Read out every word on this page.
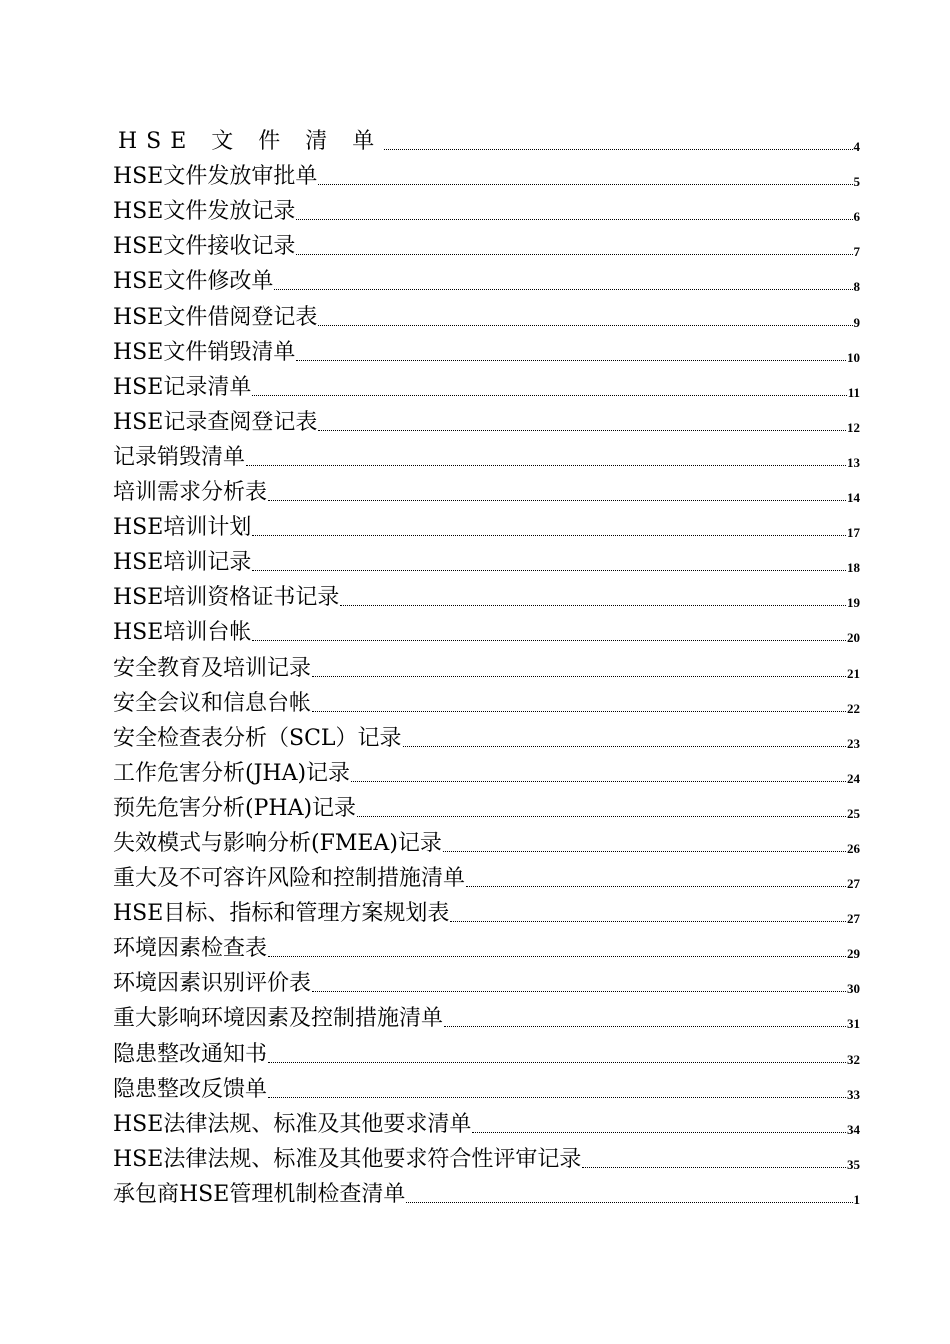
HSE 文 件 清 单	4
HSE文件发放审批单	5
HSE文件发放记录	6
HSE文件接收记录	7
HSE文件修改单	8
HSE文件借阅登记表	9
HSE文件销毁清单	10
HSE记录清单	11
HSE记录查阅登记表	12
记录销毁清单	13
培训需求分析表	14
HSE培训计划	17
HSE培训记录	18
HSE培训资格证书记录	19
HSE培训台帐	20
安全教育及培训记录	21
安全会议和信息台帐	22
安全检查表分析（SCL）记录	23
工作危害分析(JHA)记录	24
预先危害分析(PHA)记录	25
失效模式与影响分析(FMEA)记录	26
重大及不可容许风险和控制措施清单	27
HSE目标、指标和管理方案规划表	27
环境因素检查表	29
环境因素识别评价表	30
重大影响环境因素及控制措施清单	31
隐患整改通知书	32
隐患整改反馈单	33
HSE法律法规、标准及其他要求清单	34
HSE法律法规、标准及其他要求符合性评审记录	35
承包商HSE管理机制检查清单	1
